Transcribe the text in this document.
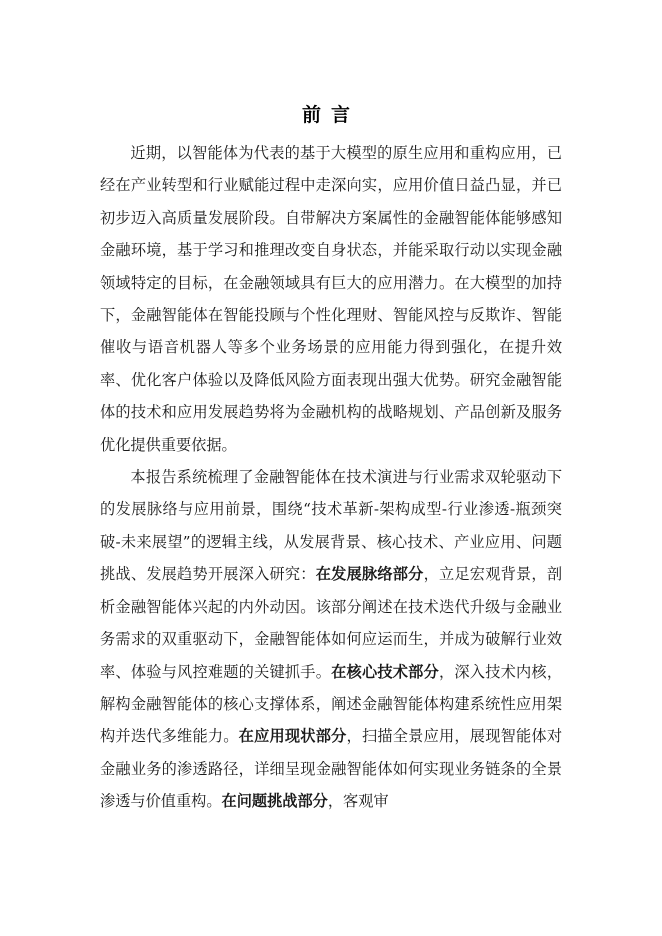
前言

近期，以智能体为代表的基于大模型的原生应用和重构应用，已经在产业转型和行业赋能过程中走深向实，应用价值日益凸显，并已初步迈入高质量发展阶段。自带解决方案属性的金融智能体能够感知金融环境，基于学习和推理改变自身状态，并能采取行动以实现金融领域特定的目标，在金融领域具有巨大的应用潜力。在大模型的加持下，金融智能体在智能投顾与个性化理财、智能风控与反欺诈、智能催收与语音机器人等多个业务场景的应用能力得到强化，在提升效率、优化客户体验以及降低风险方面表现出强大优势。研究金融智能体的技术和应用发展趋势将为金融机构的战略规划、产品创新及服务优化提供重要依据。

本报告系统梳理了金融智能体在技术演进与行业需求双轮驱动下的发展脉络与应用前景，围绕“技术革新-架构成型-行业渗透-瓶颈突破-未来展望”的逻辑主线，从发展背景、核心技术、产业应用、问题挑战、发展趋势开展深入研究：在发展脉络部分，立足宏观背景，剖析金融智能体兴起的内外动因。该部分阐述在技术迭代升级与金融业务需求的双重驱动下，金融智能体如何应运而生，并成为破解行业效率、体验与风控难题的关键抓手。在核心技术部分，深入技术内核，解构金融智能体的核心支撑体系，阐述金融智能体构建系统性应用架构并迭代多维能力。在应用现状部分，扫描全景应用，展现智能体对金融业务的渗透路径，详细呈现金融智能体如何实现业务链条的全景渗透与价值重构。在问题挑战部分，客观审
